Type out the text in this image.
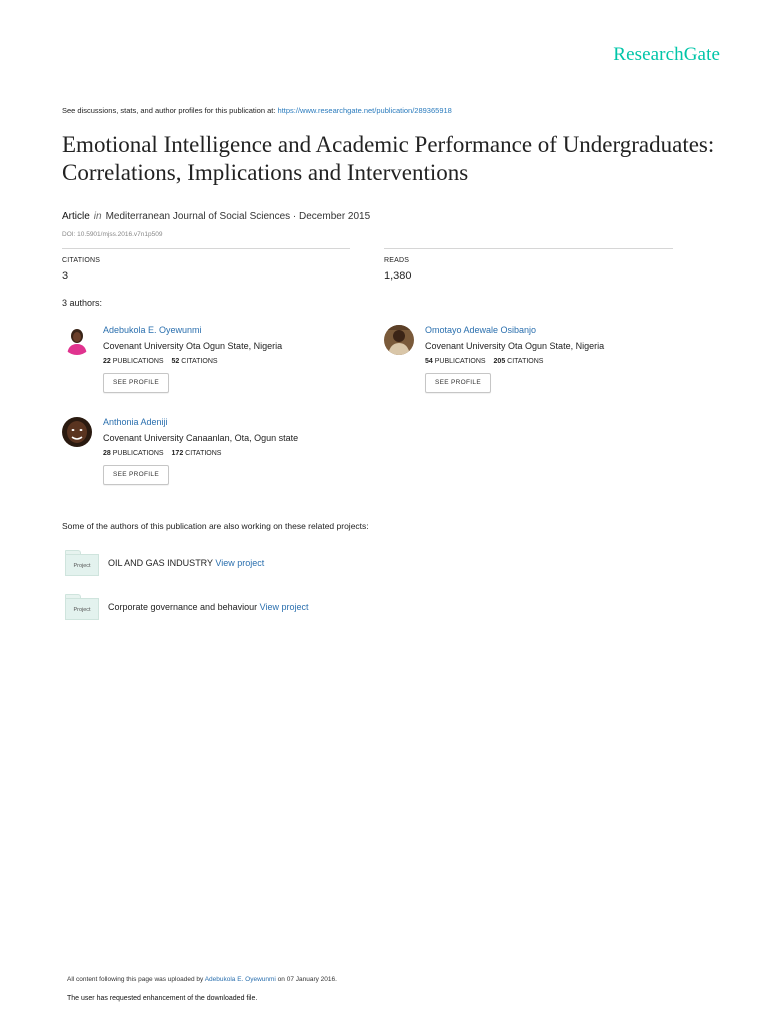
ResearchGate
See discussions, stats, and author profiles for this publication at: https://www.researchgate.net/publication/289365918
Emotional Intelligence and Academic Performance of Undergraduates: Correlations, Implications and Interventions
Article in Mediterranean Journal of Social Sciences · December 2015
DOI: 10.5901/mjss.2016.v7n1p509
CITATIONS
3
READS
1,380
3 authors:
Adebukola E. Oyewunmi
Covenant University Ota Ogun State, Nigeria
22 PUBLICATIONS 52 CITATIONS
SEE PROFILE
Omotayo Adewale Osibanjo
Covenant University Ota Ogun State, Nigeria
54 PUBLICATIONS 205 CITATIONS
SEE PROFILE
Anthonia Adeniji
Covenant University Canaanlan, Ota, Ogun state
28 PUBLICATIONS 172 CITATIONS
SEE PROFILE
Some of the authors of this publication are also working on these related projects:
Project	OIL AND GAS INDUSTRY View project
Project	Corporate governance and behaviour View project
All content following this page was uploaded by Adebukola E. Oyewunmi on 07 January 2016.
The user has requested enhancement of the downloaded file.
